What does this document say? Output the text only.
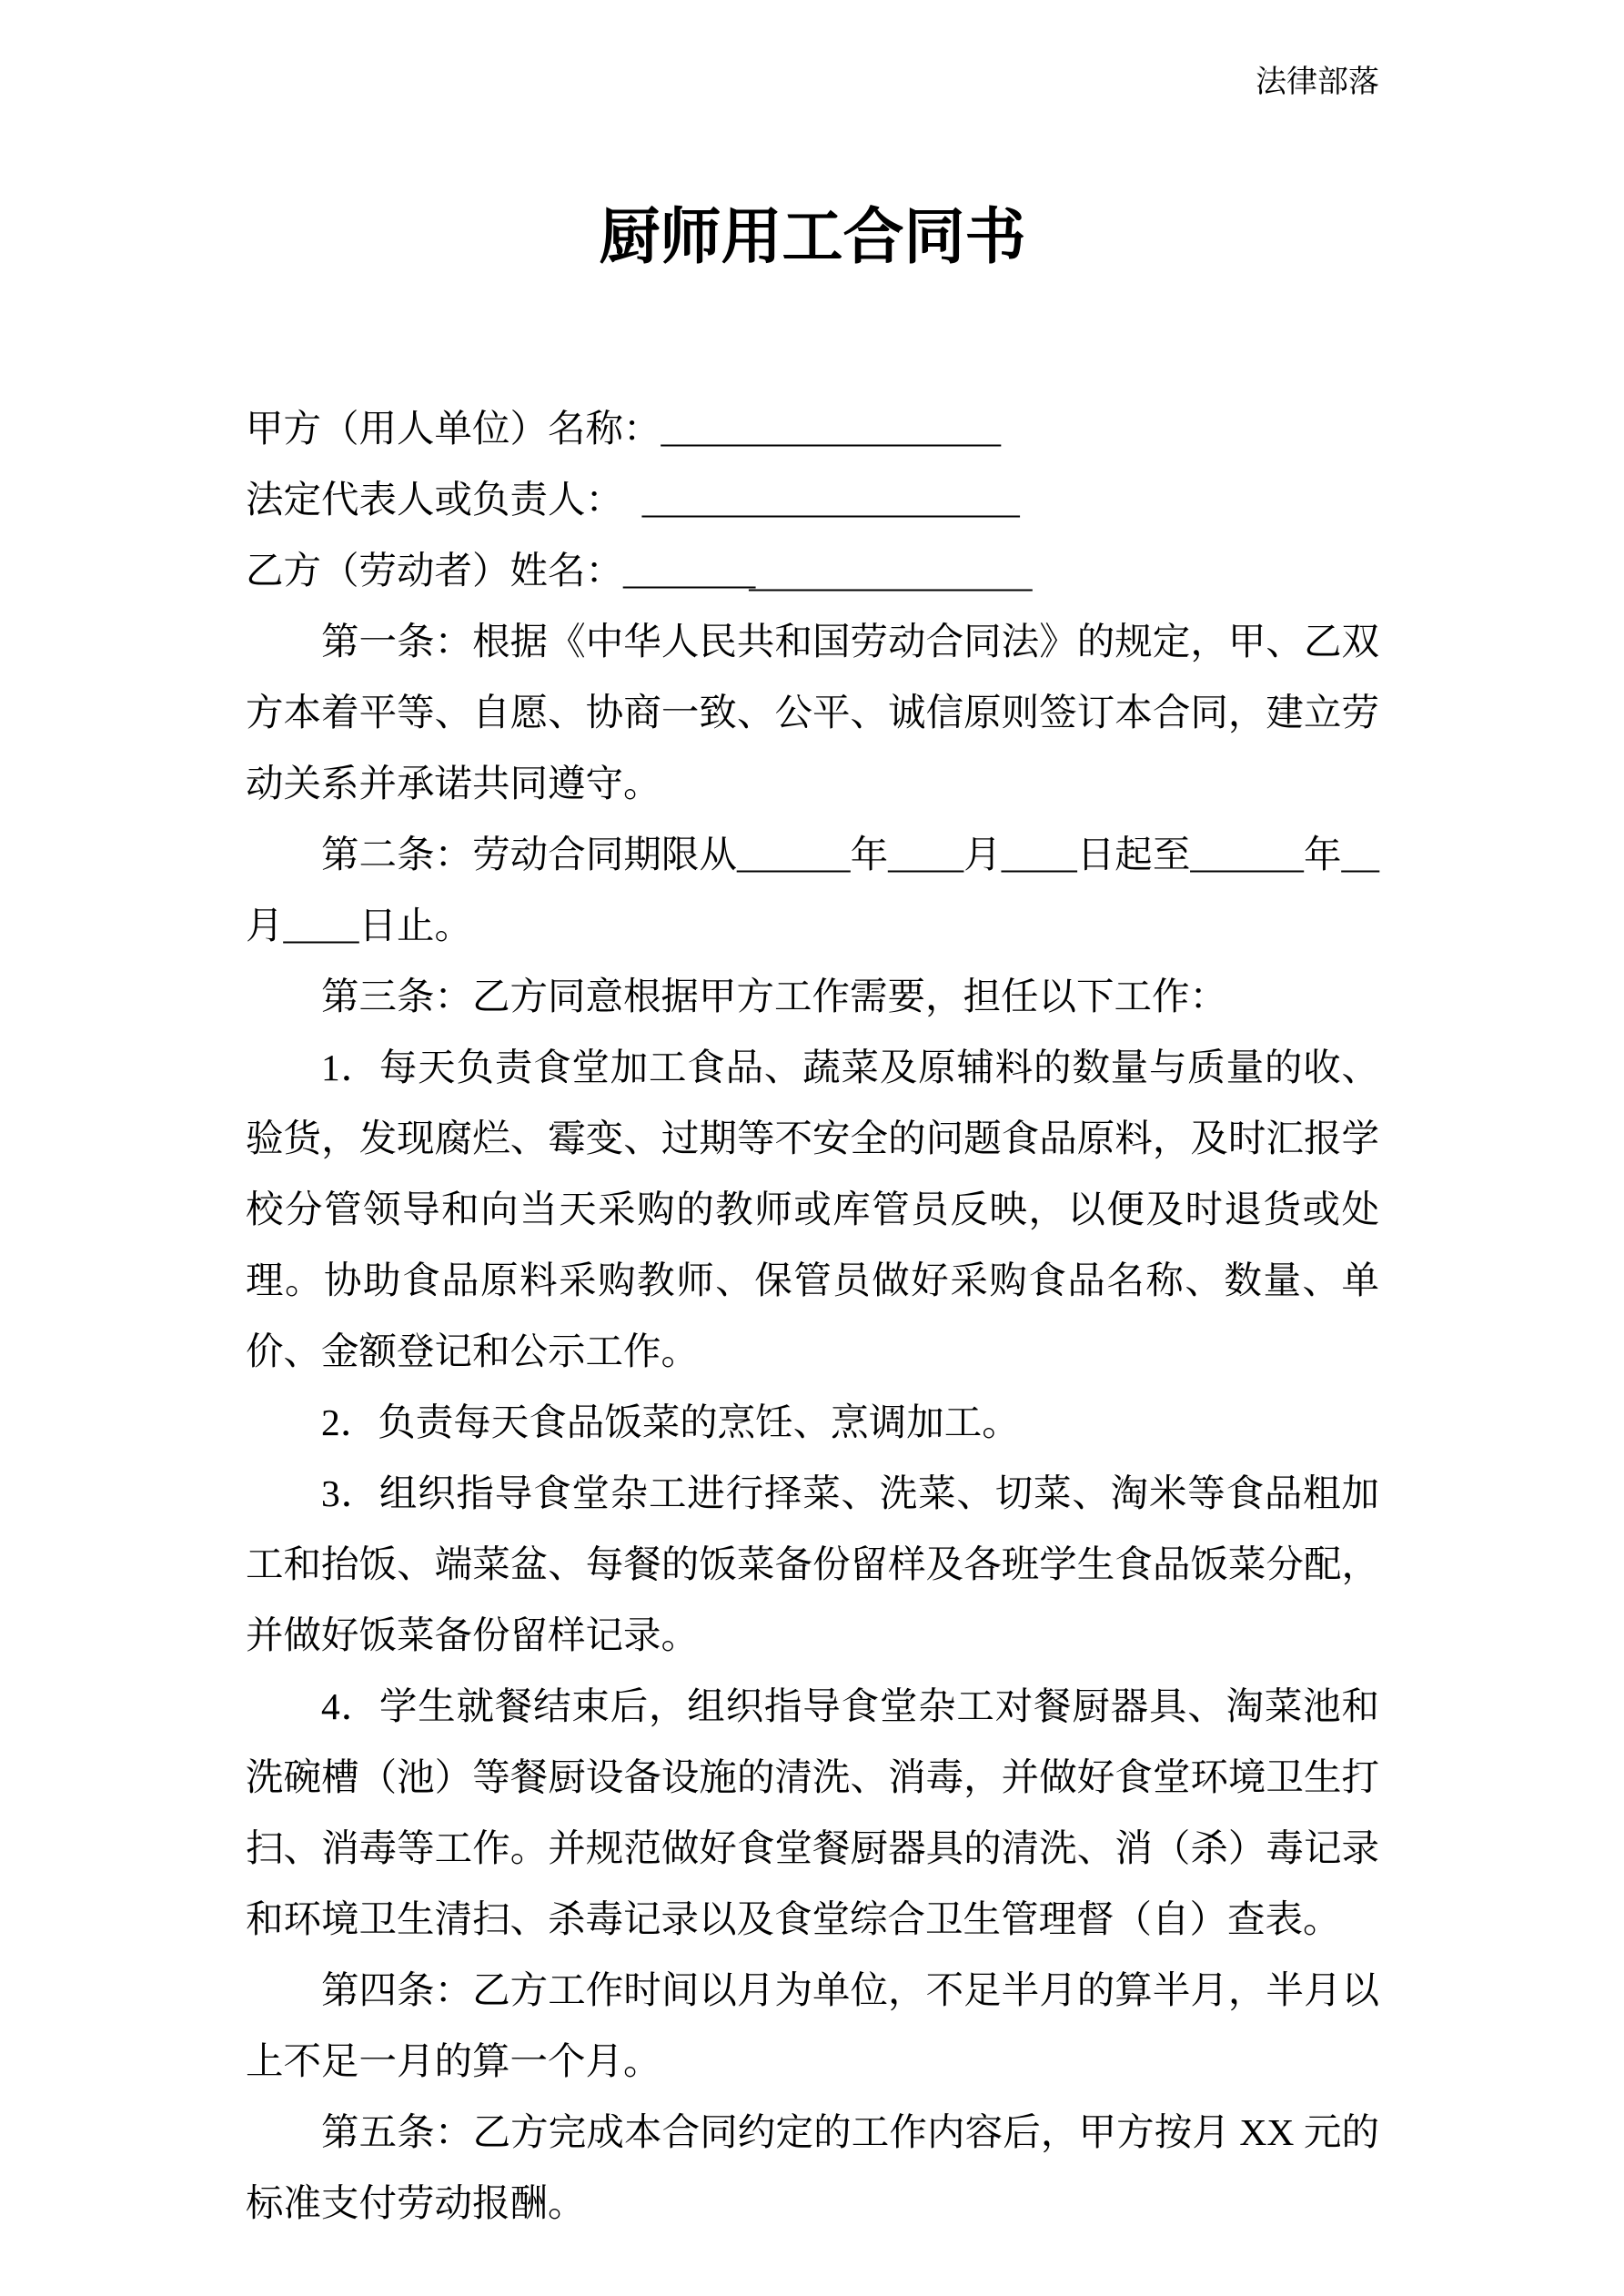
法律部落
厨师用工合同书
甲方（用人单位）名称：__________________
法定代表人或负责人：  ____________________
乙方（劳动者）姓名：______________________

第一条：根据《中华人民共和国劳动合同法》的规定，甲、乙双方本着平等、自愿、协商一致、公平、诚信原则签订本合同，建立劳动关系并承诺共同遵守。

第二条：劳动合同期限从______年____月____日起至______年__月____日止。

第三条：乙方同意根据甲方工作需要，担任以下工作：

1．每天负责食堂加工食品、蔬菜及原辅料的数量与质量的收、验货，发现腐烂、霉变、过期等不安全的问题食品原料，及时汇报学校分管领导和向当天采购的教师或库管员反映，以便及时退货或处理。协助食品原料采购教师、保管员做好采购食品名称、数量、单价、金额登记和公示工作。

2．负责每天食品饭菜的烹饪、烹调加工。

3．组织指导食堂杂工进行择菜、洗菜、切菜、淘米等食品粗加工和抬饭、端菜盆、每餐的饭菜备份留样及各班学生食品饭菜分配，并做好饭菜备份留样记录。

4．学生就餐结束后，组织指导食堂杂工对餐厨器具、淘菜池和洗碗槽（池）等餐厨设备设施的清洗、消毒，并做好食堂环境卫生打扫、消毒等工作。并规范做好食堂餐厨器具的清洗、消（杀）毒记录和环境卫生清扫、杀毒记录以及食堂综合卫生管理督（自）查表。

第四条：乙方工作时间以月为单位，不足半月的算半月，半月以上不足一月的算一个月。

第五条：乙方完成本合同约定的工作内容后，甲方按月 XX 元的标准支付劳动报酬。
